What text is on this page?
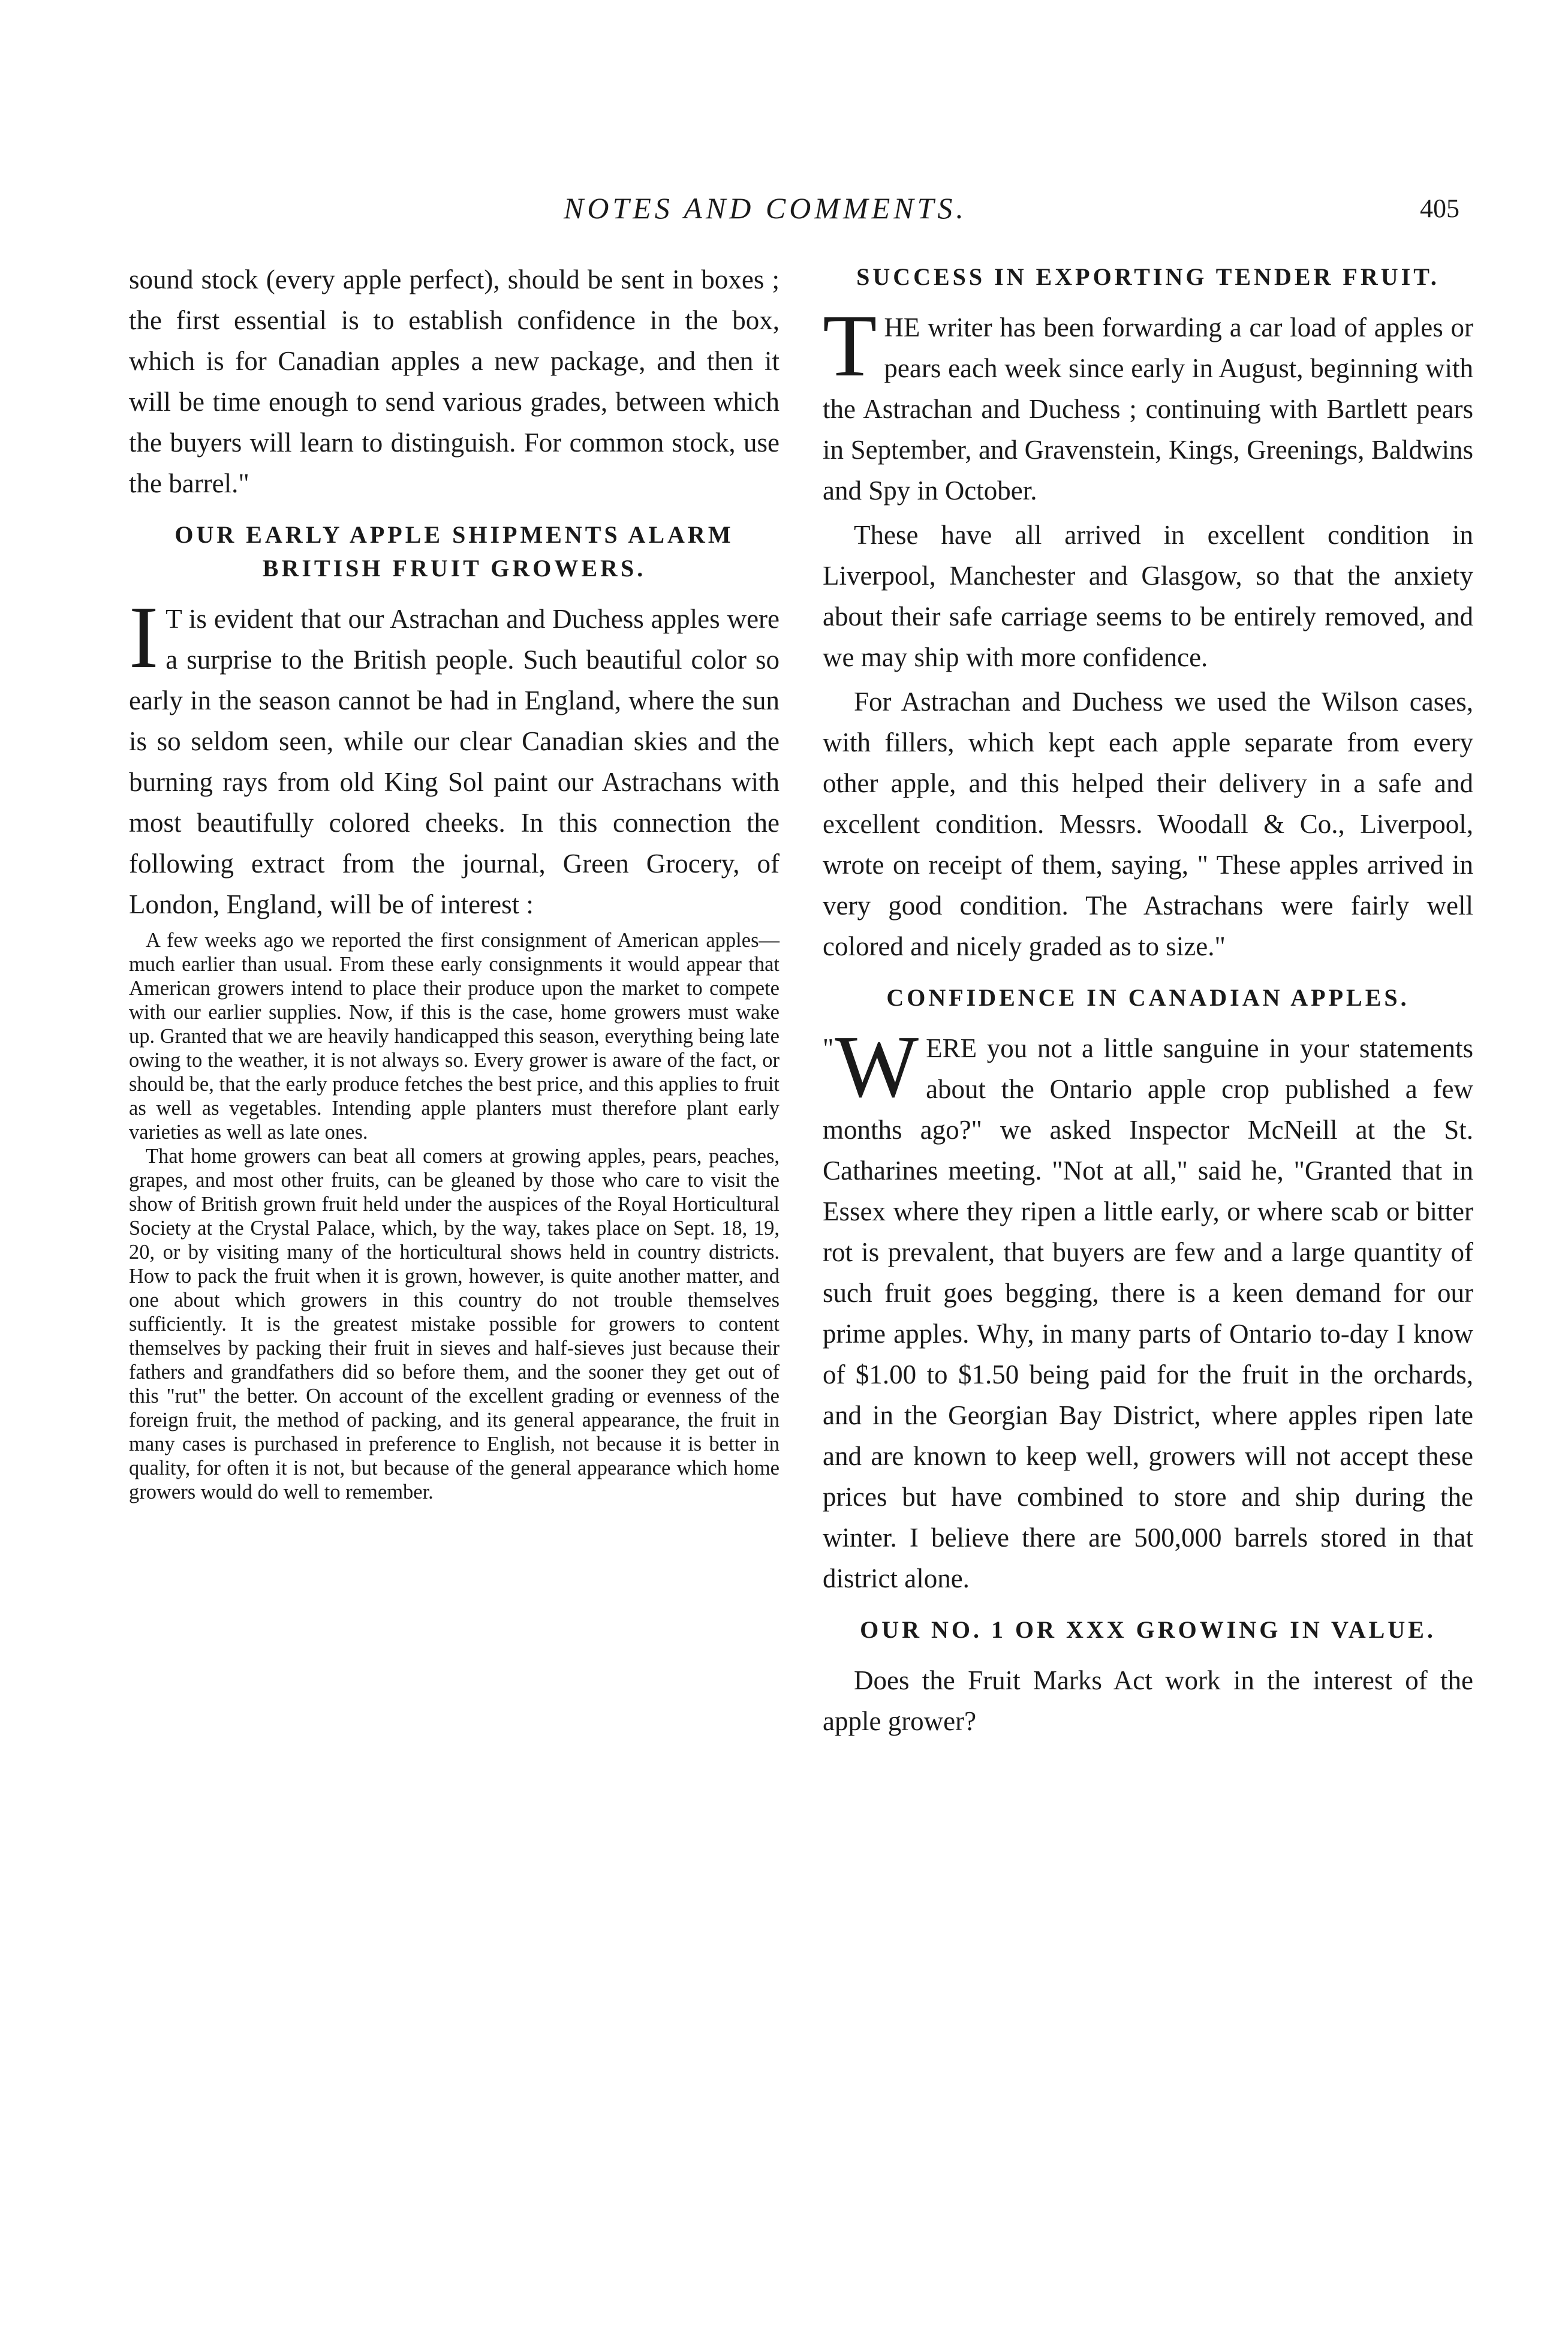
NOTES AND COMMENTS.	405

sound stock (every apple perfect), should be sent in boxes ; the first essential is to establish confidence in the box, which is for Canadian apples a new package, and then it will be time enough to send various grades, between which the buyers will learn to distinguish. For common stock, use the barrel."

OUR EARLY APPLE SHIPMENTS ALARM BRITISH FRUIT GROWERS.

I T is evident that our Astrachan and Duchess apples were a surprise to the British people. Such beautiful color so early in the season cannot be had in England, where the sun is so seldom seen, while our clear Canadian skies and the burning rays from old King Sol paint our Astrachans with most beautifully colored cheeks. In this connection the following extract from the journal, Green Grocery, of London, England, will be of interest :

A few weeks ago we reported the first consignment of American apples—much earlier than usual. From these early consignments it would appear that American growers intend to place their produce upon the market to compete with our earlier supplies. Now, if this is the case, home growers must wake up. Granted that we are heavily handicapped this season, everything being late owing to the weather, it is not always so. Every grower is aware of the fact, or should be, that the early produce fetches the best price, and this applies to fruit as well as vegetables. Intending apple planters must therefore plant early varieties as well as late ones.

That home growers can beat all comers at growing apples, pears, peaches, grapes, and most other fruits, can be gleaned by those who care to visit the show of British grown fruit held under the auspices of the Royal Horticultural Society at the Crystal Palace, which, by the way, takes place on Sept. 18, 19, 20, or by visiting many of the horticultural shows held in country districts. How to pack the fruit when it is grown, however, is quite another matter, and one about which growers in this country do not trouble themselves sufficiently. It is the greatest mistake possible for growers to content themselves by packing their fruit in sieves and half-sieves just because their fathers and grandfathers did so before them, and the sooner they get out of this "rut" the better. On account of the excellent grading or evenness of the foreign fruit, the method of packing, and its general appearance, the fruit in many cases is purchased in preference to English, not because it is better in quality, for often it is not, but because of the general appearance which home growers would do well to remember.

SUCCESS IN EXPORTING TENDER FRUIT.

THE writer has been forwarding a car load of apples or pears each week since early in August, beginning with the Astrachan and Duchess ; continuing with Bartlett pears in September, and Gravenstein, Kings, Greenings, Baldwins and Spy in October.

These have all arrived in excellent condition in Liverpool, Manchester and Glasgow, so that the anxiety about their safe carriage seems to be entirely removed, and we may ship with more confidence.

For Astrachan and Duchess we used the Wilson cases, with fillers, which kept each apple separate from every other apple, and this helped their delivery in a safe and excellent condition. Messrs. Woodall & Co., Liverpool, wrote on receipt of them, saying, " These apples arrived in very good condition. The Astrachans were fairly well colored and nicely graded as to size."

CONFIDENCE IN CANADIAN APPLES.

" W ERE you not a little sanguine in your statements about the Ontario apple crop published a few months ago?" we asked Inspector McNeill at the St. Catharines meeting. "Not at all," said he, "Granted that in Essex where they ripen a little early, or where scab or bitter rot is prevalent, that buyers are few and a large quantity of such fruit goes begging, there is a keen demand for our prime apples. Why, in many parts of Ontario to-day I know of $1.00 to $1.50 being paid for the fruit in the orchards, and in the Georgian Bay District, where apples ripen late and are known to keep well, growers will not accept these prices but have combined to store and ship during the winter. I believe there are 500,000 barrels stored in that district alone.

OUR NO. 1 OR XXX GROWING IN VALUE.

Does the Fruit Marks Act work in the interest of the apple grower?
